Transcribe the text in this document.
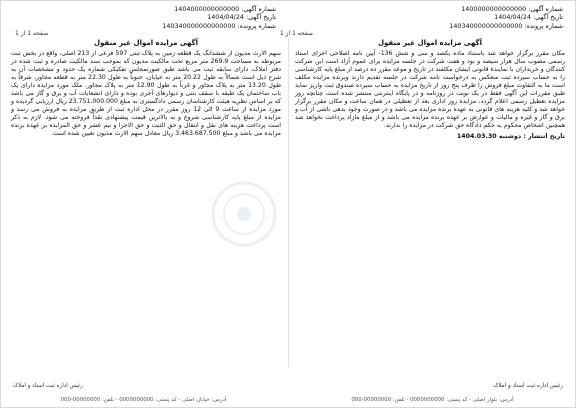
شماره آگهی: 1400000000000000
تاریخ آگهی: 1404/04/24
شماره پرونده: 140340000000000000
صفحه 1 از 1
آگهی مزایده اموال غیر منقول
مکان مقرر برگزار خواهد شد باستناد ماده یکصد و سی و شش 136- آیین نامه اصلاحی اجرای اسناد رسمی مصوب سال هزار سیصد و نود و هفت شرکت در جلسه مزایده برای عموم آزاد است این شرکت کنندگان و خریداران با نمایندهٔ قانونی ایشان مکلفند در تاریخ و موعد مقرر ده درصد از مبلغ پایه کارشناسی را به حساب سپرده ثبت منعکس به درخواست نامه شرکت در جلسه تقدیم دارند وبرنده مزایده مکلف است ما به التفاوت مبلغ فروش را ظرف پنج روز از تاریخ مزایده به حساب سپرده صندوق ثبت واریز نماید طبق مقررات این آگهی فقط در یک نوبت در روزنامه و در پایگاه اینترنتی منتشر شده است چنانچه روز مزایده تعطیل رسمی اعلام گردد، مزایده روز اداری بعد از تعطیلی در همان ساعت و مکان مقرر برگزار خواهد شد و کلیه هزینه های قانونی به عهده برنده مزایده می باشد و در صورت وجود بدهی ناشی از آب و برق و گاز و غیره و مالیات و عوارض بر عهده برنده مزایده می باشد و از مبلغ مازاد پرداخت نخواهد شد همچنین اشخاص محکوم به حکم دادگاه حق شرکت در مزایده را ندارند.
تاریخ انتشار : دوشنبه 1404.03.30
شماره آگهی: 1404000000000000
تاریخ آگهی: 1404/04/24
شماره پرونده: 140340000000000000
صفحه 1 از 1
آگهی مزایده اموال غیر منقول
سهم الارث مدیون از ششدانگ یک قطعه زمین به پلاک ثبتی 597 فرعی از 213 اصلی، واقع در بخش ثبت مربوطه به مساحت 269.9 متر مربع تحت مالکیت مدیون که بموجب سند مالکیت صادره و ثبت شده در دفتر املاک، دارای سابقه ثبت می باشد طبق صورتمجلس تفکیکی شماره یک حدود و مشخصات آن به شرح ذیل است شمالاً به طول 20.22 متر به خیابان، جنوباً به طول 22.30 متر به قطعه مجاور، شرقاً به طول 13.20 متر به پلاک مجاور و غرباً به طول 12.90 متر به پلاک مجاور. ملک مورد مزایده دارای یک باب ساختمان یک طبقه با سقف بتنی و دیوارهای آجری بوده و دارای انشعابات آب و برق و گاز می باشد که بر اساس نظریه هیئت کارشناسان رسمی دادگستری به مبلغ 23.751.000.000 ریال ارزیابی گردیده و مورد مزایده از ساعت 9 الی 12 روز مقرر در محل اداره ثبت از طریق مزایده به فروش می رسد و مزایده از مبلغ پایه کارشناسی شروع و به بالاترین قیمت پیشنهادی نقداً فروخته می شود. لازم به ذکر است پرداخت هزینه های نقل و انتقال و حق الثبت و حق الاجرا و نیم عشر و حق المزایده بر عهده برنده مزایده می باشد و مبلغ 3.463.687.500 ریال معادل سهم الارث مدیون تعیین شده است.
رئیس اداره ثبت اسناد و املاک
رئیس اداره ثبت اسناد و املاک
آدرس: بلوار اصلی - کد پستی: 0000000000 - تلفن: 00000000-000
آدرس: خیابان اصلی - کد پستی: 0000000000 - تلفن: 00000000-000
